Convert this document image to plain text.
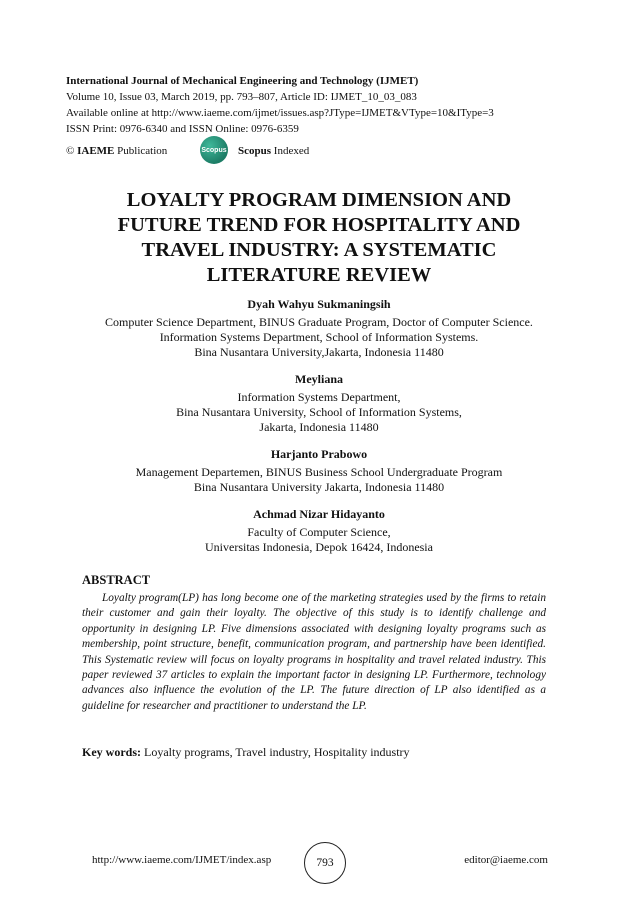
International Journal of Mechanical Engineering and Technology (IJMET)
Volume 10, Issue 03, March 2019, pp. 793–807, Article ID: IJMET_10_03_083
Available online at http://www.iaeme.com/ijmet/issues.asp?JType=IJMET&VType=10&IType=3
ISSN Print: 0976-6340 and ISSN Online: 0976-6359
© IAEME Publication	Scopus Scopus Indexed
LOYALTY PROGRAM DIMENSION AND
FUTURE TREND FOR HOSPITALITY AND
TRAVEL INDUSTRY: A SYSTEMATIC
LITERATURE REVIEW
Dyah Wahyu Sukmaningsih
Computer Science Department, BINUS Graduate Program, Doctor of Computer Science.
Information Systems Department, School of Information Systems.
Bina Nusantara University,Jakarta, Indonesia 11480
Meyliana
Information Systems Department,
Bina Nusantara University, School of Information Systems,
Jakarta, Indonesia 11480
Harjanto Prabowo
Management Departemen, BINUS Business School Undergraduate Program
Bina Nusantara University Jakarta, Indonesia 11480
Achmad Nizar Hidayanto
Faculty of Computer Science,
Universitas Indonesia, Depok 16424, Indonesia
ABSTRACT
Loyalty program(LP) has long become one of the marketing strategies used by the firms to retain their customer and gain their loyalty. The objective of this study is to identify challenge and opportunity in designing LP. Five dimensions associated with designing loyalty programs such as membership, point structure, benefit, communication program, and partnership have been identified. This Systematic review will focus on loyalty programs in hospitality and travel related industry. This paper reviewed 37 articles to explain the important factor in designing LP. Furthermore, technology advances also influence the evolution of the LP. The future direction of LP also identified as a guideline for researcher and practitioner to understand the LP.
Key words: Loyalty programs, Travel industry, Hospitality industry
http://www.iaeme.com/IJMET/index.asp	793	editor@iaeme.com
